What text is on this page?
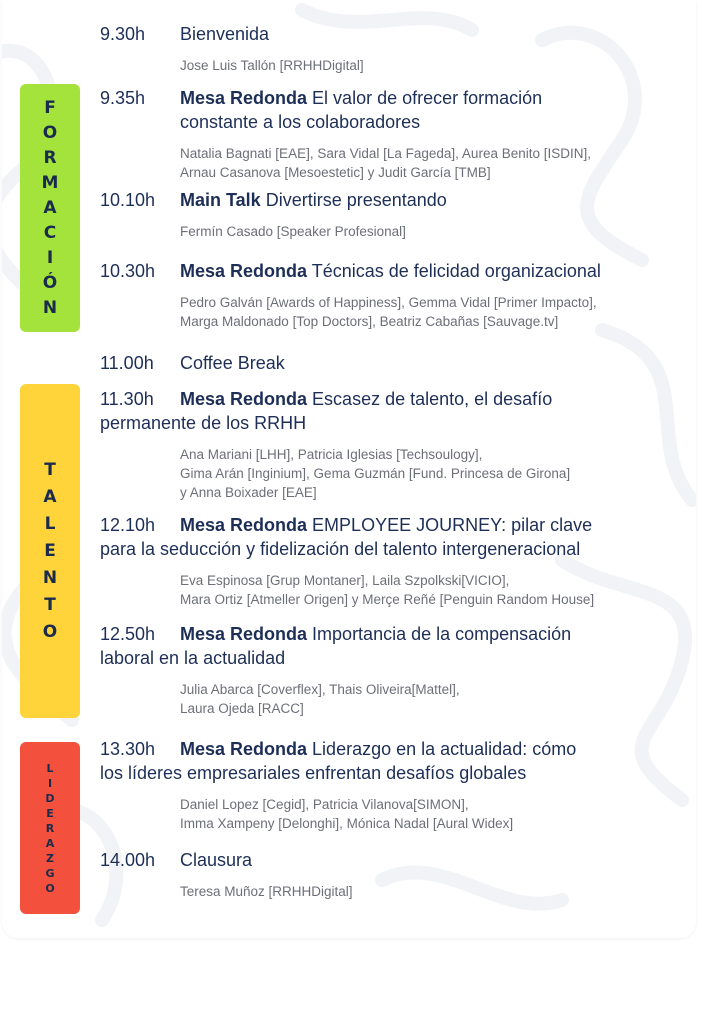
F
O
R
M
A
C
I
Ó
N
T
A
L
E
N
T
O
L
I
D
E
R
A
Z
G
O
9.30h Bienvenida
Jose Luis Tallón [RRHHDigital]
9.35h Mesa Redonda El valor de ofrecer formación
constante a los colaboradores
Natalia Bagnati [EAE], Sara Vidal [La Fageda], Aurea Benito [ISDIN],
Arnau Casanova [Mesoestetic] y Judit García [TMB]
10.10h Main Talk Divertirse presentando
Fermín Casado [Speaker Profesional]
10.30h Mesa Redonda Técnicas de felicidad organizacional
Pedro Galván [Awards of Happiness], Gemma Vidal [Primer Impacto],
Marga Maldonado [Top Doctors], Beatriz Cabañas [Sauvage.tv]
11.00h Coffee Break
11.30h Mesa Redonda Escasez de talento, el desafío
permanente de los RRHH
Ana Mariani [LHH], Patricia Iglesias [Techsoulogy],
Gima Arán [Inginium], Gema Guzmán [Fund. Princesa de Girona]
y Anna Boixader [EAE]
12.10h Mesa Redonda EMPLOYEE JOURNEY: pilar clave
para la seducción y fidelización del talento intergeneracional
Eva Espinosa [Grup Montaner], Laila Szpolkski[VICIO],
Mara Ortiz [Atmeller Origen] y Merçe Reñé [Penguin Random House]
12.50h Mesa Redonda Importancia de la compensación
laboral en la actualidad
Julia Abarca [Coverflex], Thais Oliveira[Mattel],
Laura Ojeda [RACC]
13.30h Mesa Redonda Liderazgo en la actualidad: cómo
los líderes empresariales enfrentan desafíos globales
Daniel Lopez [Cegid], Patricia Vilanova[SIMON],
Imma Xampeny [Delonghi], Mónica Nadal [Aural Widex]
14.00h Clausura
Teresa Muñoz [RRHHDigital]
